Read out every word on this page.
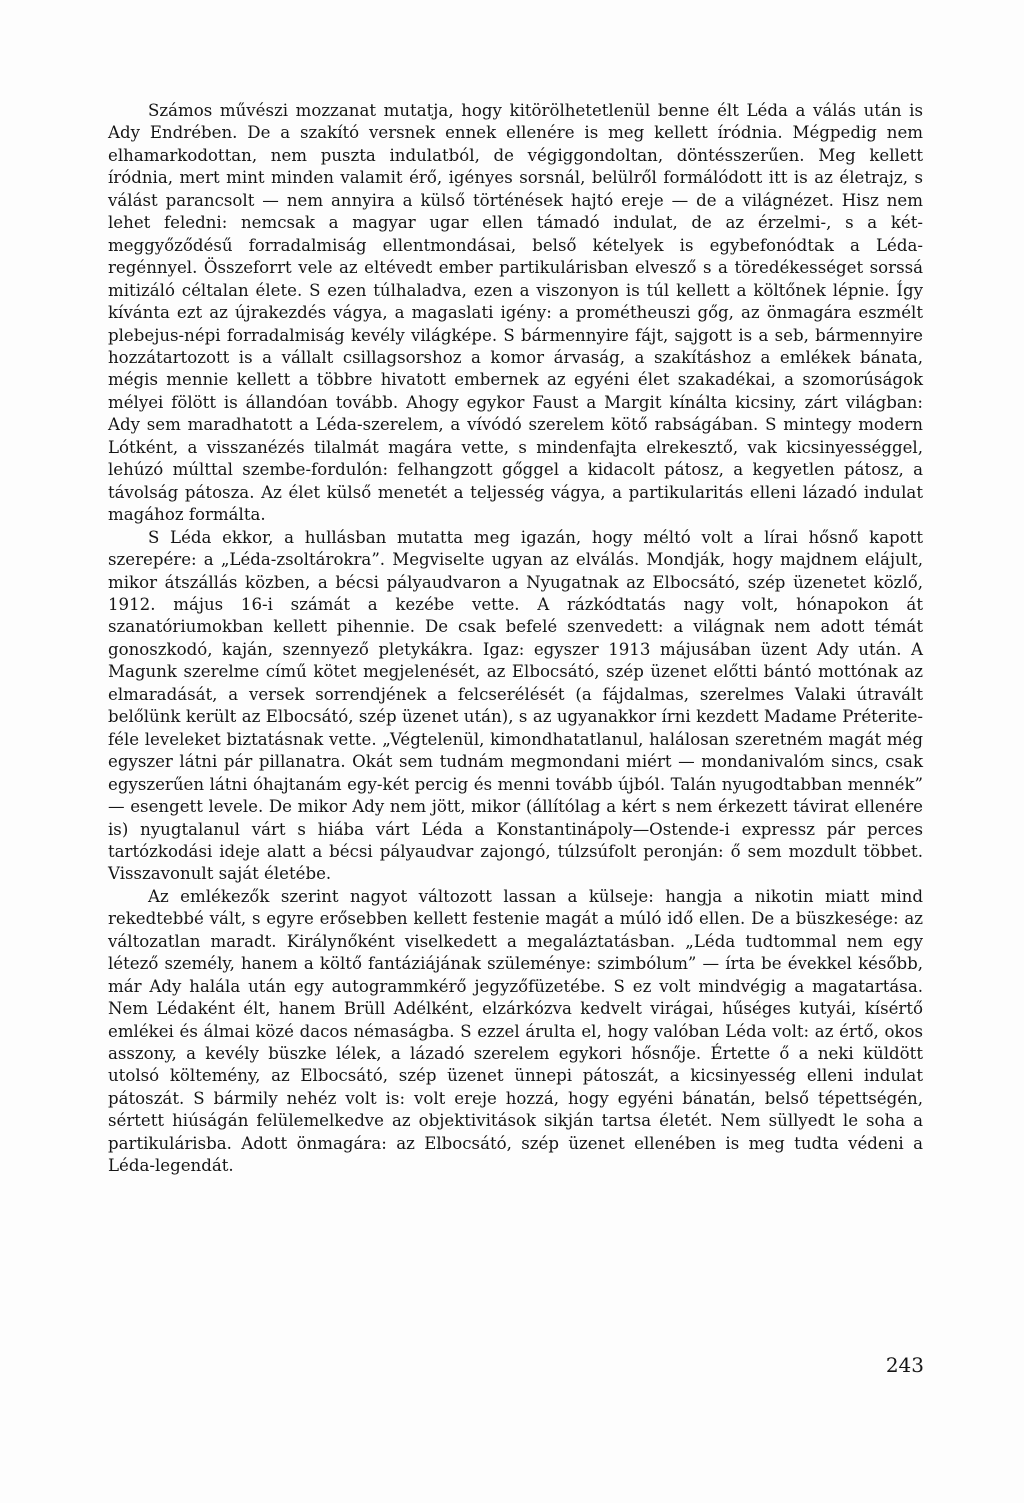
Számos művészi mozzanat mutatja, hogy kitörölhetetlenül benne élt Léda a válás után is Ady Endrében. De a szakító versnek ennek ellenére is meg kellett íródnia. Mégpedig nem elhamarkodottan, nem puszta indulatból, de végiggondoltan, döntésszerűen. Meg kellett íródnia, mert mint minden valamit érő, igényes sorsnál, belülről formálódott itt is az életrajz, s válást parancsolt — nem annyira a külső történések hajtó ereje — de a világnézet. Hisz nem lehet feledni: nemcsak a magyar ugar ellen támadó indulat, de az érzelmi-, s a két-meggyőződésű forradalmiság ellentmondásai, belső kételyek is egybefonódtak a Léda-regénnyel. Összeforrt vele az eltévedt ember partikulárisban elvesző s a töredékességet sorssá mitizáló céltalan élete. S ezen túlhaladva, ezen a viszonyon is túl kellett a költőnek lépnie. Így kívánta ezt az újrakezdés vágya, a magaslati igény: a prométheuszi gőg, az önmagára eszmélt plebejus-népi forradalmiság kevély világképe. S bármennyire fájt, sajgott is a seb, bármennyire hozzátartozott is a vállalt csillagsorshoz a komor árvaság, a szakításhoz a emlékek bánata, mégis mennie kellett a többre hivatott embernek az egyéni élet szakadékai, a szomorúságok mélyei fölött is állandóan tovább. Ahogy egykor Faust a Margit kínálta kicsiny, zárt világban: Ady sem maradhatott a Léda-szerelem, a vívódó szerelem kötő rabságában. S mintegy modern Lótként, a visszanézés tilalmát magára vette, s mindenfajta elrekesztő, vak kicsinyességgel, lehúzó múlttal szembe-fordulón: felhangzott gőggel a kidacolt pátosz, a kegyetlen pátosz, a távolság pátosza. Az élet külső menetét a teljesség vágya, a partikularitás elleni lázadó indulat magához formálta.

S Léda ekkor, a hullásban mutatta meg igazán, hogy méltó volt a lírai hősnő kapott szerepére: a „Léda-zsoltárokra”. Megviselte ugyan az elválás. Mondják, hogy majdnem elájult, mikor átszállás közben, a bécsi pályaudvaron a Nyugatnak az Elbocsátó, szép üzenetet közlő, 1912. május 16-i számát a kezébe vette. A rázkódtatás nagy volt, hónapokon át szanatóriumokban kellett pihennie. De csak befelé szenvedett: a világnak nem adott témát gonoszkodó, kaján, szennyező pletykákra. Igaz: egyszer 1913 májusában üzent Ady után. A Magunk szerelme című kötet megjelenését, az Elbocsátó, szép üzenet előtti bántó mottónak az elmaradását, a versek sorrendjének a felcserélését (a fájdalmas, szerelmes Valaki útravált belőlünk került az Elbocsátó, szép üzenet után), s az ugyanakkor írni kezdett Madame Préterite-féle leveleket biztatásnak vette. „Végtelenül, kimondhatatlanul, halálosan szeretném magát még egyszer látni pár pillanatra. Okát sem tudnám megmondani miért — mondanivalóm sincs, csak egyszerűen látni óhajtanám egy-két percig és menni tovább újból. Talán nyugodtabban mennék” — esengett levele. De mikor Ady nem jött, mikor (állítólag a kért s nem érkezett távirat ellenére is) nyugtalanul várt s hiába várt Léda a Konstantinápoly—Ostende-i expressz pár perces tartózkodási ideje alatt a bécsi pályaudvar zajongó, túlzsúfolt peronján: ő sem mozdult többet. Visszavonult saját életébe.

Az emlékezők szerint nagyot változott lassan a külseje: hangja a nikotin miatt mind rekedtebbé vált, s egyre erősebben kellett festenie magát a múló idő ellen. De a büszkesége: az változatlan maradt. Királynőként viselkedett a megaláztatásban. „Léda tudtommal nem egy létező személy, hanem a költő fantáziájának szüleménye: szimbólum” — írta be évekkel később, már Ady halála után egy autogrammkérő jegyzőfüzetébe. S ez volt mindvégig a magatartása. Nem Lédaként élt, hanem Brüll Adélként, elzárkózva kedvelt virágai, hűséges kutyái, kísértő emlékei és álmai közé dacos némaságba. S ezzel árulta el, hogy valóban Léda volt: az értő, okos asszony, a kevély büszke lélek, a lázadó szerelem egykori hősnője. Értette ő a neki küldött utolsó költemény, az Elbocsátó, szép üzenet ünnepi pátoszát, a kicsinyesség elleni indulat pátoszát. S bármily nehéz volt is: volt ereje hozzá, hogy egyéni bánatán, belső tépettségén, sértett hiúságán felülemelkedve az objektivitások sikján tartsa életét. Nem süllyedt le soha a partikulárisba. Adott önmagára: az Elbocsátó, szép üzenet ellenében is meg tudta védeni a Léda-legendát.

243
